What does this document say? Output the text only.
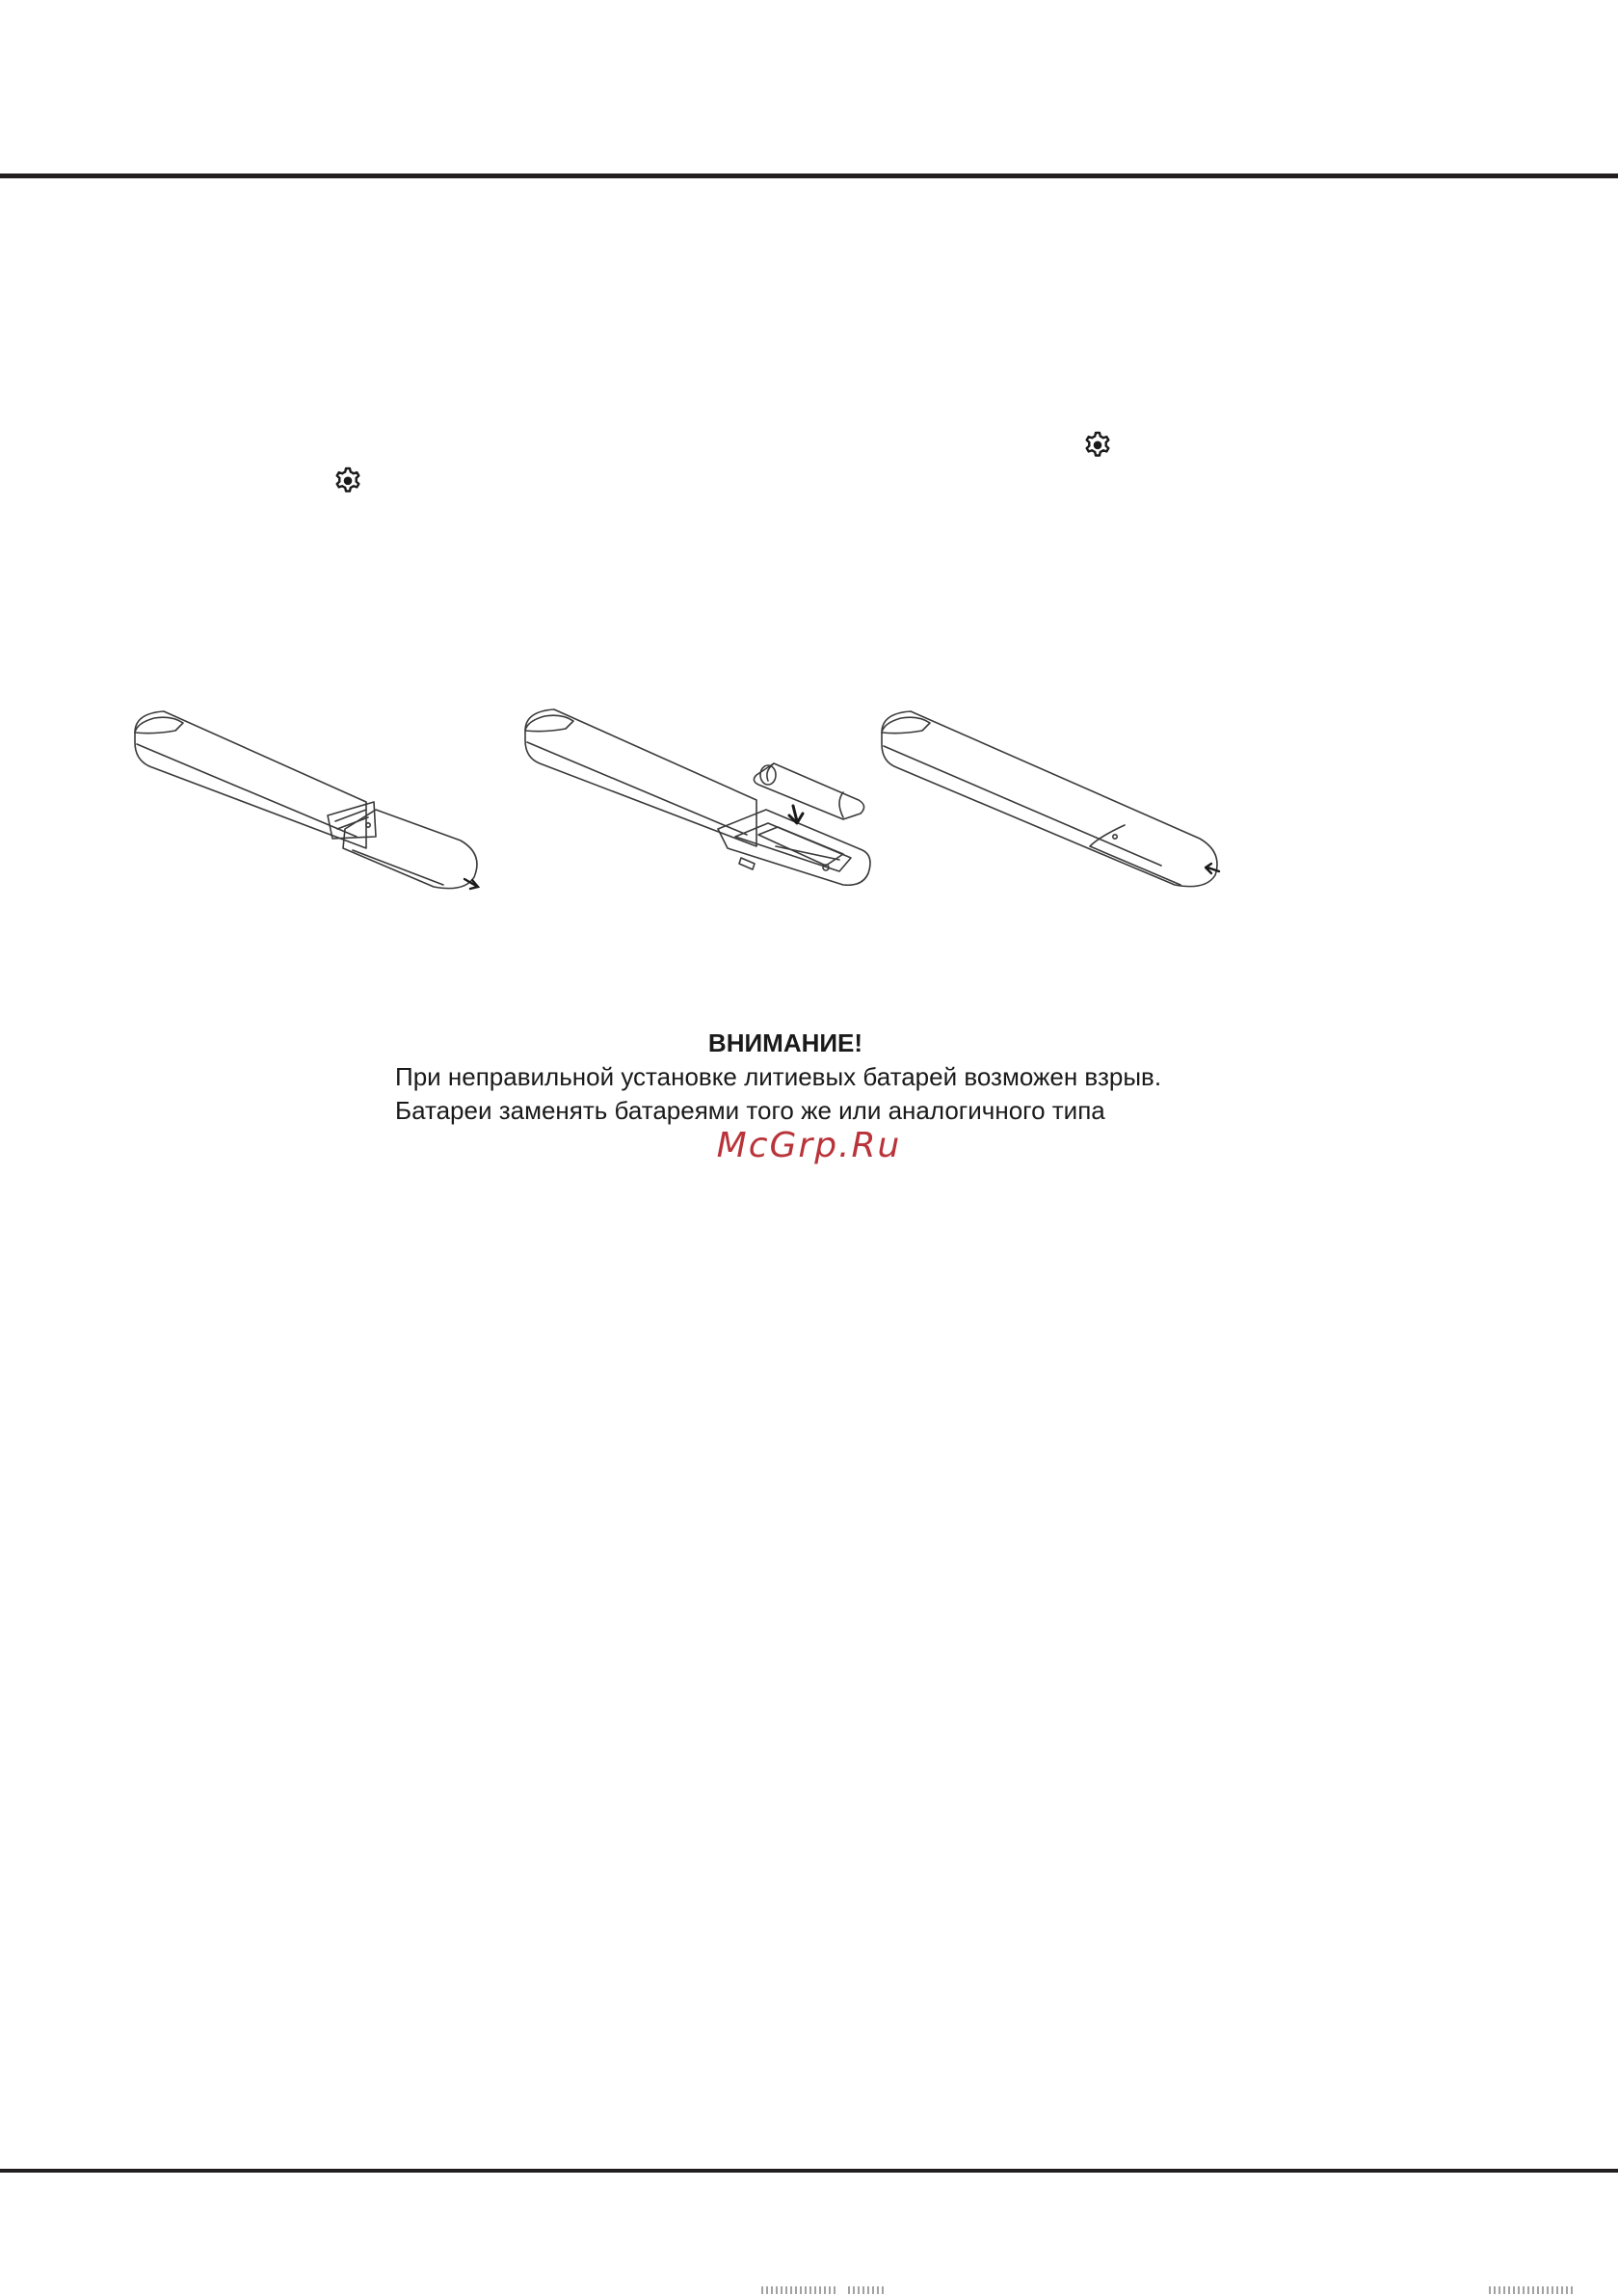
ВНИМАНИЕ!
При неправильной установке литиевых батарей возможен взрыв.
Батареи заменять батареями того же или аналогичного типа
McGrp.Ru
